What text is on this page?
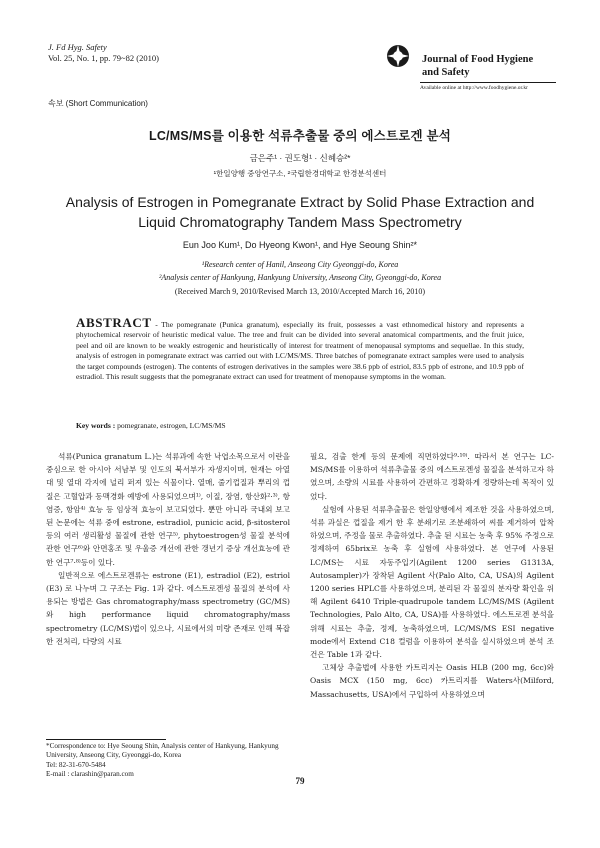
J. Fd Hyg. Safety
Vol. 25, No. 1, pp. 79~82 (2010)	Journal of Food Hygiene
and Safety
Available online at http://www.foodhygiene.or.kr
속보 (Short Communication)
LC/MS/MS를 이용한 석류추출물 중의 에스트로겐 분석
금은주¹ · 권도형¹ · 신혜승²*
¹한일양행 중앙연구소, ²국립한경대학교 한경분석센터
Analysis of Estrogen in Pomegranate Extract by Solid Phase Extraction and
Liquid Chromatography Tandem Mass Spectrometry
Eun Joo Kum¹, Do Hyeong Kwon¹, and Hye Seoung Shin²*
¹Research center of Hanil, Anseong City Gyeonggi-do, Korea
²Analysis center of Hankyung, Hankyung University, Anseong City, Gyeonggi-do, Korea
(Received March 9, 2010/Revised March 13, 2010/Accepted March 16, 2010)
ABSTRACT - The pomegranate (Punica granatum), especially its fruit, possesses a vast ethnomedical history and represents a phytochemical reservoir of heuristic medical value. The tree and fruit can be divided into several anatomical compartments, and the fruit juice, peel and oil are known to be weakly estrogenic and heuristically of interest for treatment of menopausal symptoms and sequellae. In this study, analysis of estrogen in pomegranate extract was carried out with LC/MS/MS. Three batches of pomegranate extract samples were used to analysis the target compounds (estrogen). The contents of estrogen derivatives in the samples were 38.6 ppb of estriol, 83.5 ppb of estrone, and 10.9 ppb of estradiol. This result suggests that the pomegranate extract can used for treatment of menopause symptoms in the woman.
Key words : pomegranate, estrogen, LC/MS/MS

석류(Punica granatum L.)는 석류과에 속한 낙엽소목으로서 이란을 중심으로 한 아시아 서남부 및 인도의 북서부가 자생지이며, 현재는 아열대 및 열대 각지에 널리 퍼져 있는 식물이다. 열매, 줄기껍질과 뿌리의 껍질은 고혈압과 동맥경화 예방에 사용되었으며¹⁾, 이질, 장염, 항산화²·³⁾, 항염증, 항암⁴⁾ 효능 등 임상적 효능이 보고되었다. 뿐만 아니라 국내외 보고된 논문에는 석류 중에 estrone, estradiol, punicic acid, β-sitosterol 등의 여러 생리활성 물질에 관한 연구⁵⁾, phytoestrogen성 물질 분석에 관한 연구⁶⁾와 안면홍조 및 우울증 개선에 관한 갱년기 증상 개선효능에 관한 연구⁷·⁸⁾등이 있다.

일반적으로 에스트로겐류는 estrone (E1), estradiol (E2), estriol (E3) 로 나누며 그 구조는 Fig. 1과 같다. 에스트로겐성 물질의 분석에 사용되는 방법은 Gas chromatography/mass spectrometry (GC/MS)와 high performance liquid chromatography/mass spectrometry (LC/MS)법이 있으나, 시료에서의 미량 존재로 인해 복잡한 전처리, 다량의 시료

필요, 검출 한계 등의 문제에 직면하였다⁹·¹⁰⁾. 따라서 본 연구는 LC-MS/MS를 이용하여 석류추출물 중의 에스트로겐성 물질을 분석하고자 하였으며, 소량의 시료를 사용하여 간편하고 정확하게 정량하는데 목적이 있었다.

실험에 사용된 석류추출물은 한일양행에서 제조한 것을 사용하였으며, 석류 과실은 껍질을 제거 한 후 분쇄기로 조분쇄하여 씨를 제거하여 압착하였으며, 주정을 물로 추출하였다. 추출 된 시료는 농축 후 95% 주정으로 정제하여 65brix로 농축 후 실험에 사용하였다. 본 연구에 사용된 LC/MS는 시료 자동주입기(Agilent 1200 series G1313A, Autosampler)가 장착된 Agilent 사(Palo Alto, CA, USA)의 Agilent 1200 series HPLC를 사용하였으며, 분리된 각 물질의 분자량 확인을 위해 Agilent 6410 Triple-quadrupole tandem LC/MS/MS (Agilent Technologies, Palo Alto, CA, USA)를 사용하였다. 에스트로겐 분석을 위해 시료는 추출, 정제, 농축하였으며, LC/MS/MS ESI negative mode에서 Extend C18 컬럼을 이용하여 분석을 실시하였으며 분석 조건은 Table 1과 같다.

고체상 추출법에 사용한 카트리지는 Oasis HLB (200 mg, 6cc)와 Oasis MCX (150 mg, 6cc) 카트리지를 Waters사(Milford, Massachusetts, USA)에서 구입하여 사용하였으며

*Correspondence to: Hye Seoung Shin, Analysis center of Hankyung, Hankyung University, Anseong City, Gyeonggi-do, Korea
Tel: 82-31-670-5484
E-mail : clarashin@paran.com
79
